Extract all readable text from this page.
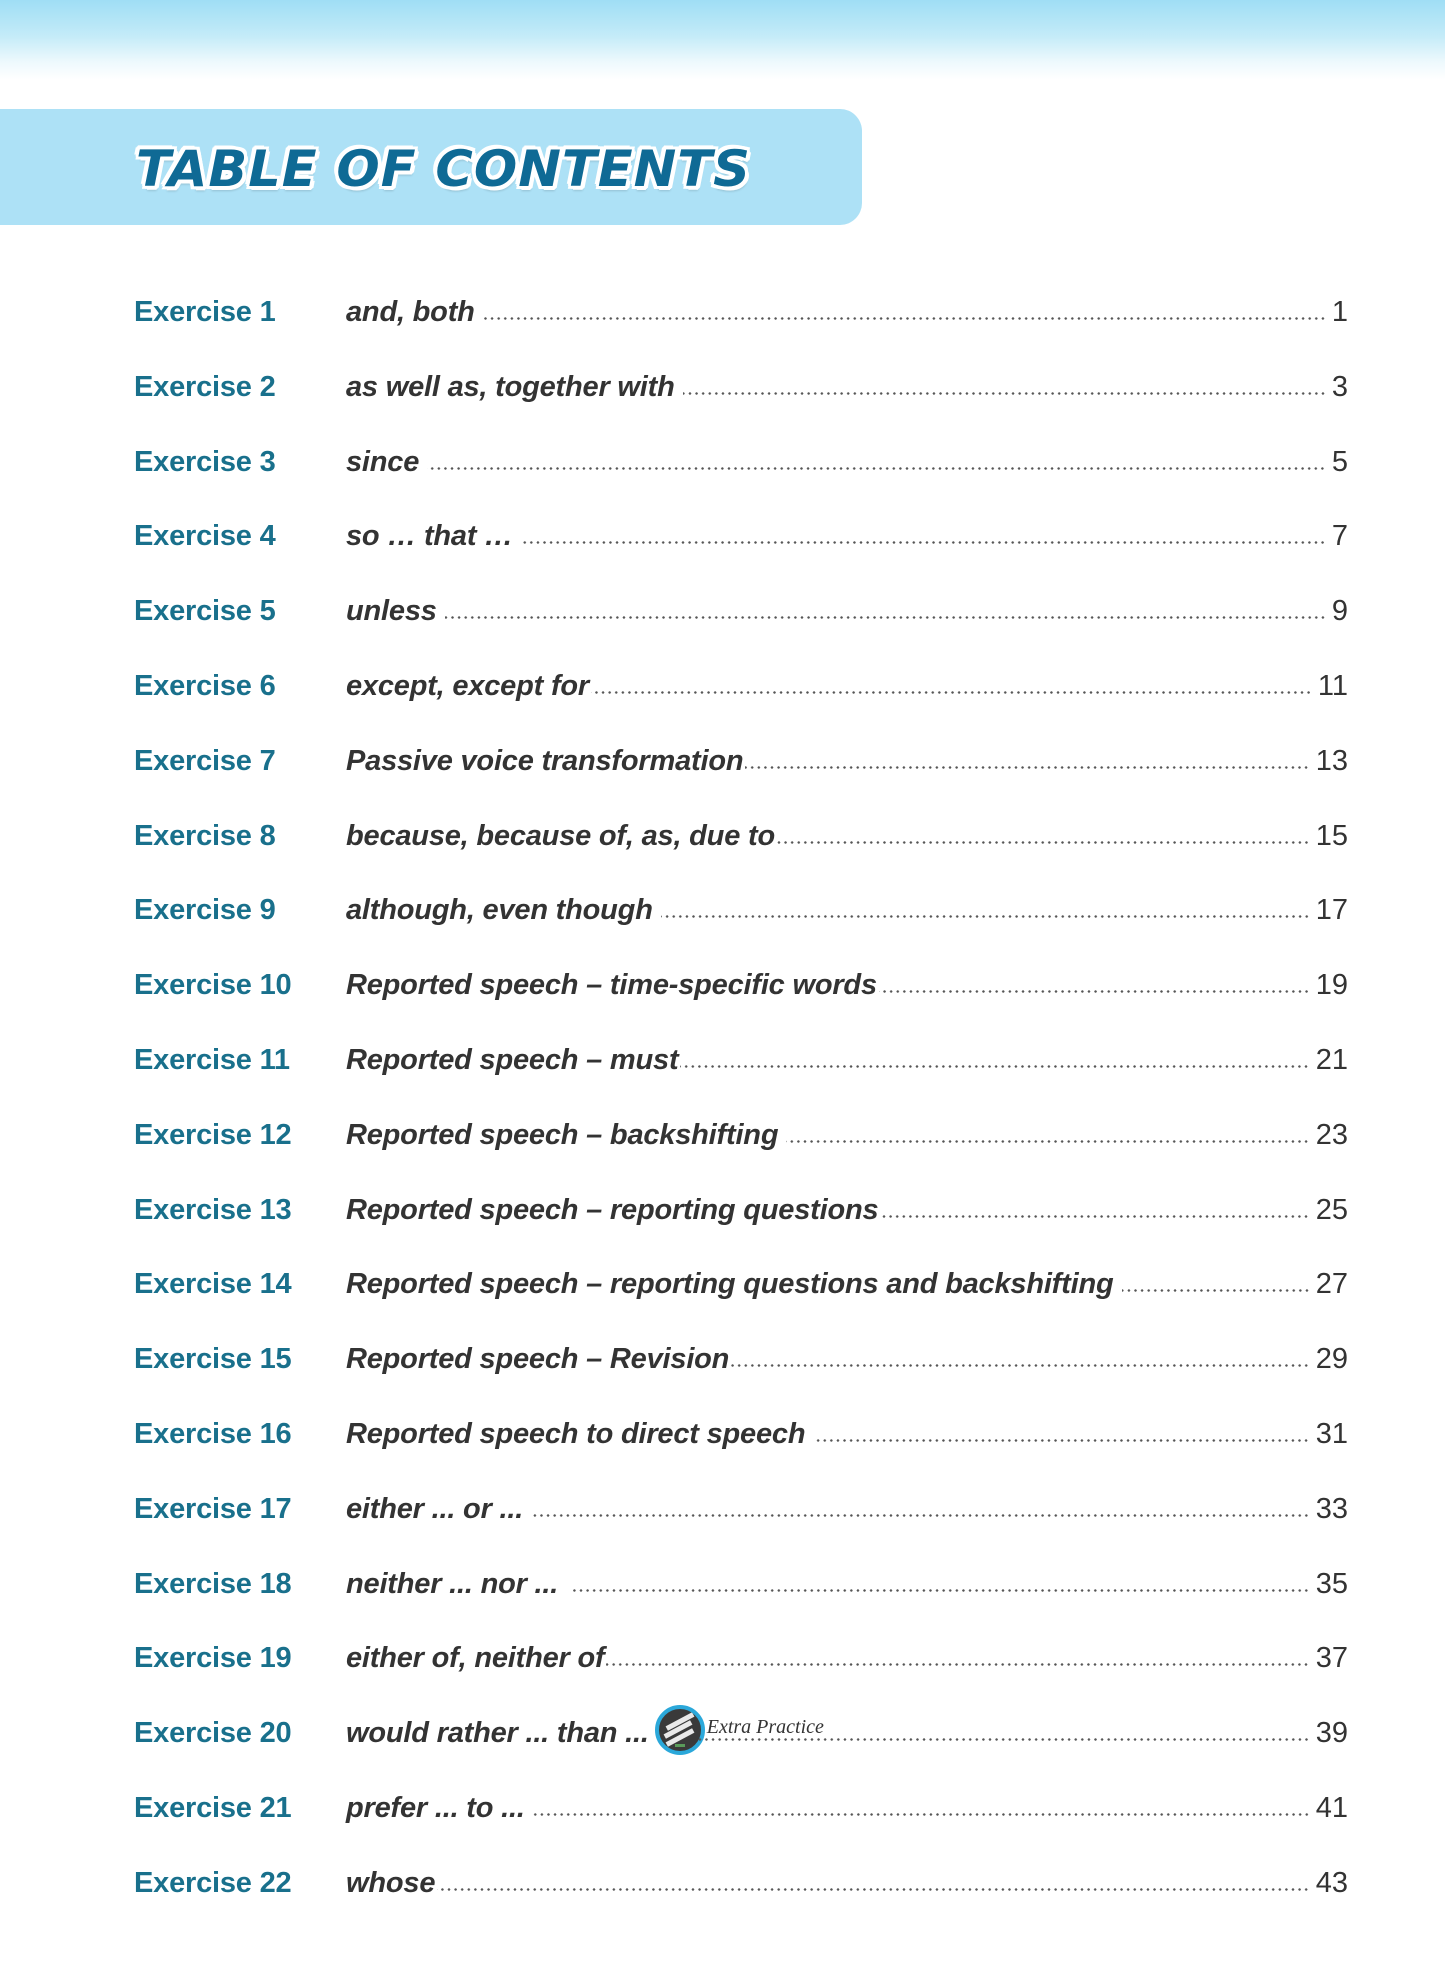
TABLE OF CONTENTS
Exercise 1 and, both	1
Exercise 2 as well as, together with	3
Exercise 3 since	5
Exercise 4 so … that …	7
Exercise 5 unless	9
Exercise 6 except, except for	11
Exercise 7 Passive voice transformation	13
Exercise 8 because, because of, as, due to	15
Exercise 9 although, even though	17
Exercise 10 Reported speech – time-specific words	19
Exercise 11 Reported speech – must	21
Exercise 12 Reported speech – backshifting	23
Exercise 13 Reported speech – reporting questions	25
Exercise 14 Reported speech – reporting questions and backshifting	27
Exercise 15 Reported speech – Revision	29
Exercise 16 Reported speech to direct speech	31
Exercise 17 either ... or ...	33
Exercise 18 neither ... nor ...	35
Exercise 19 either of, neither of	37
Exercise 20 would rather ... than ...	Extra Practice	39
Exercise 21 prefer ... to ...	41
Exercise 22 whose	43
